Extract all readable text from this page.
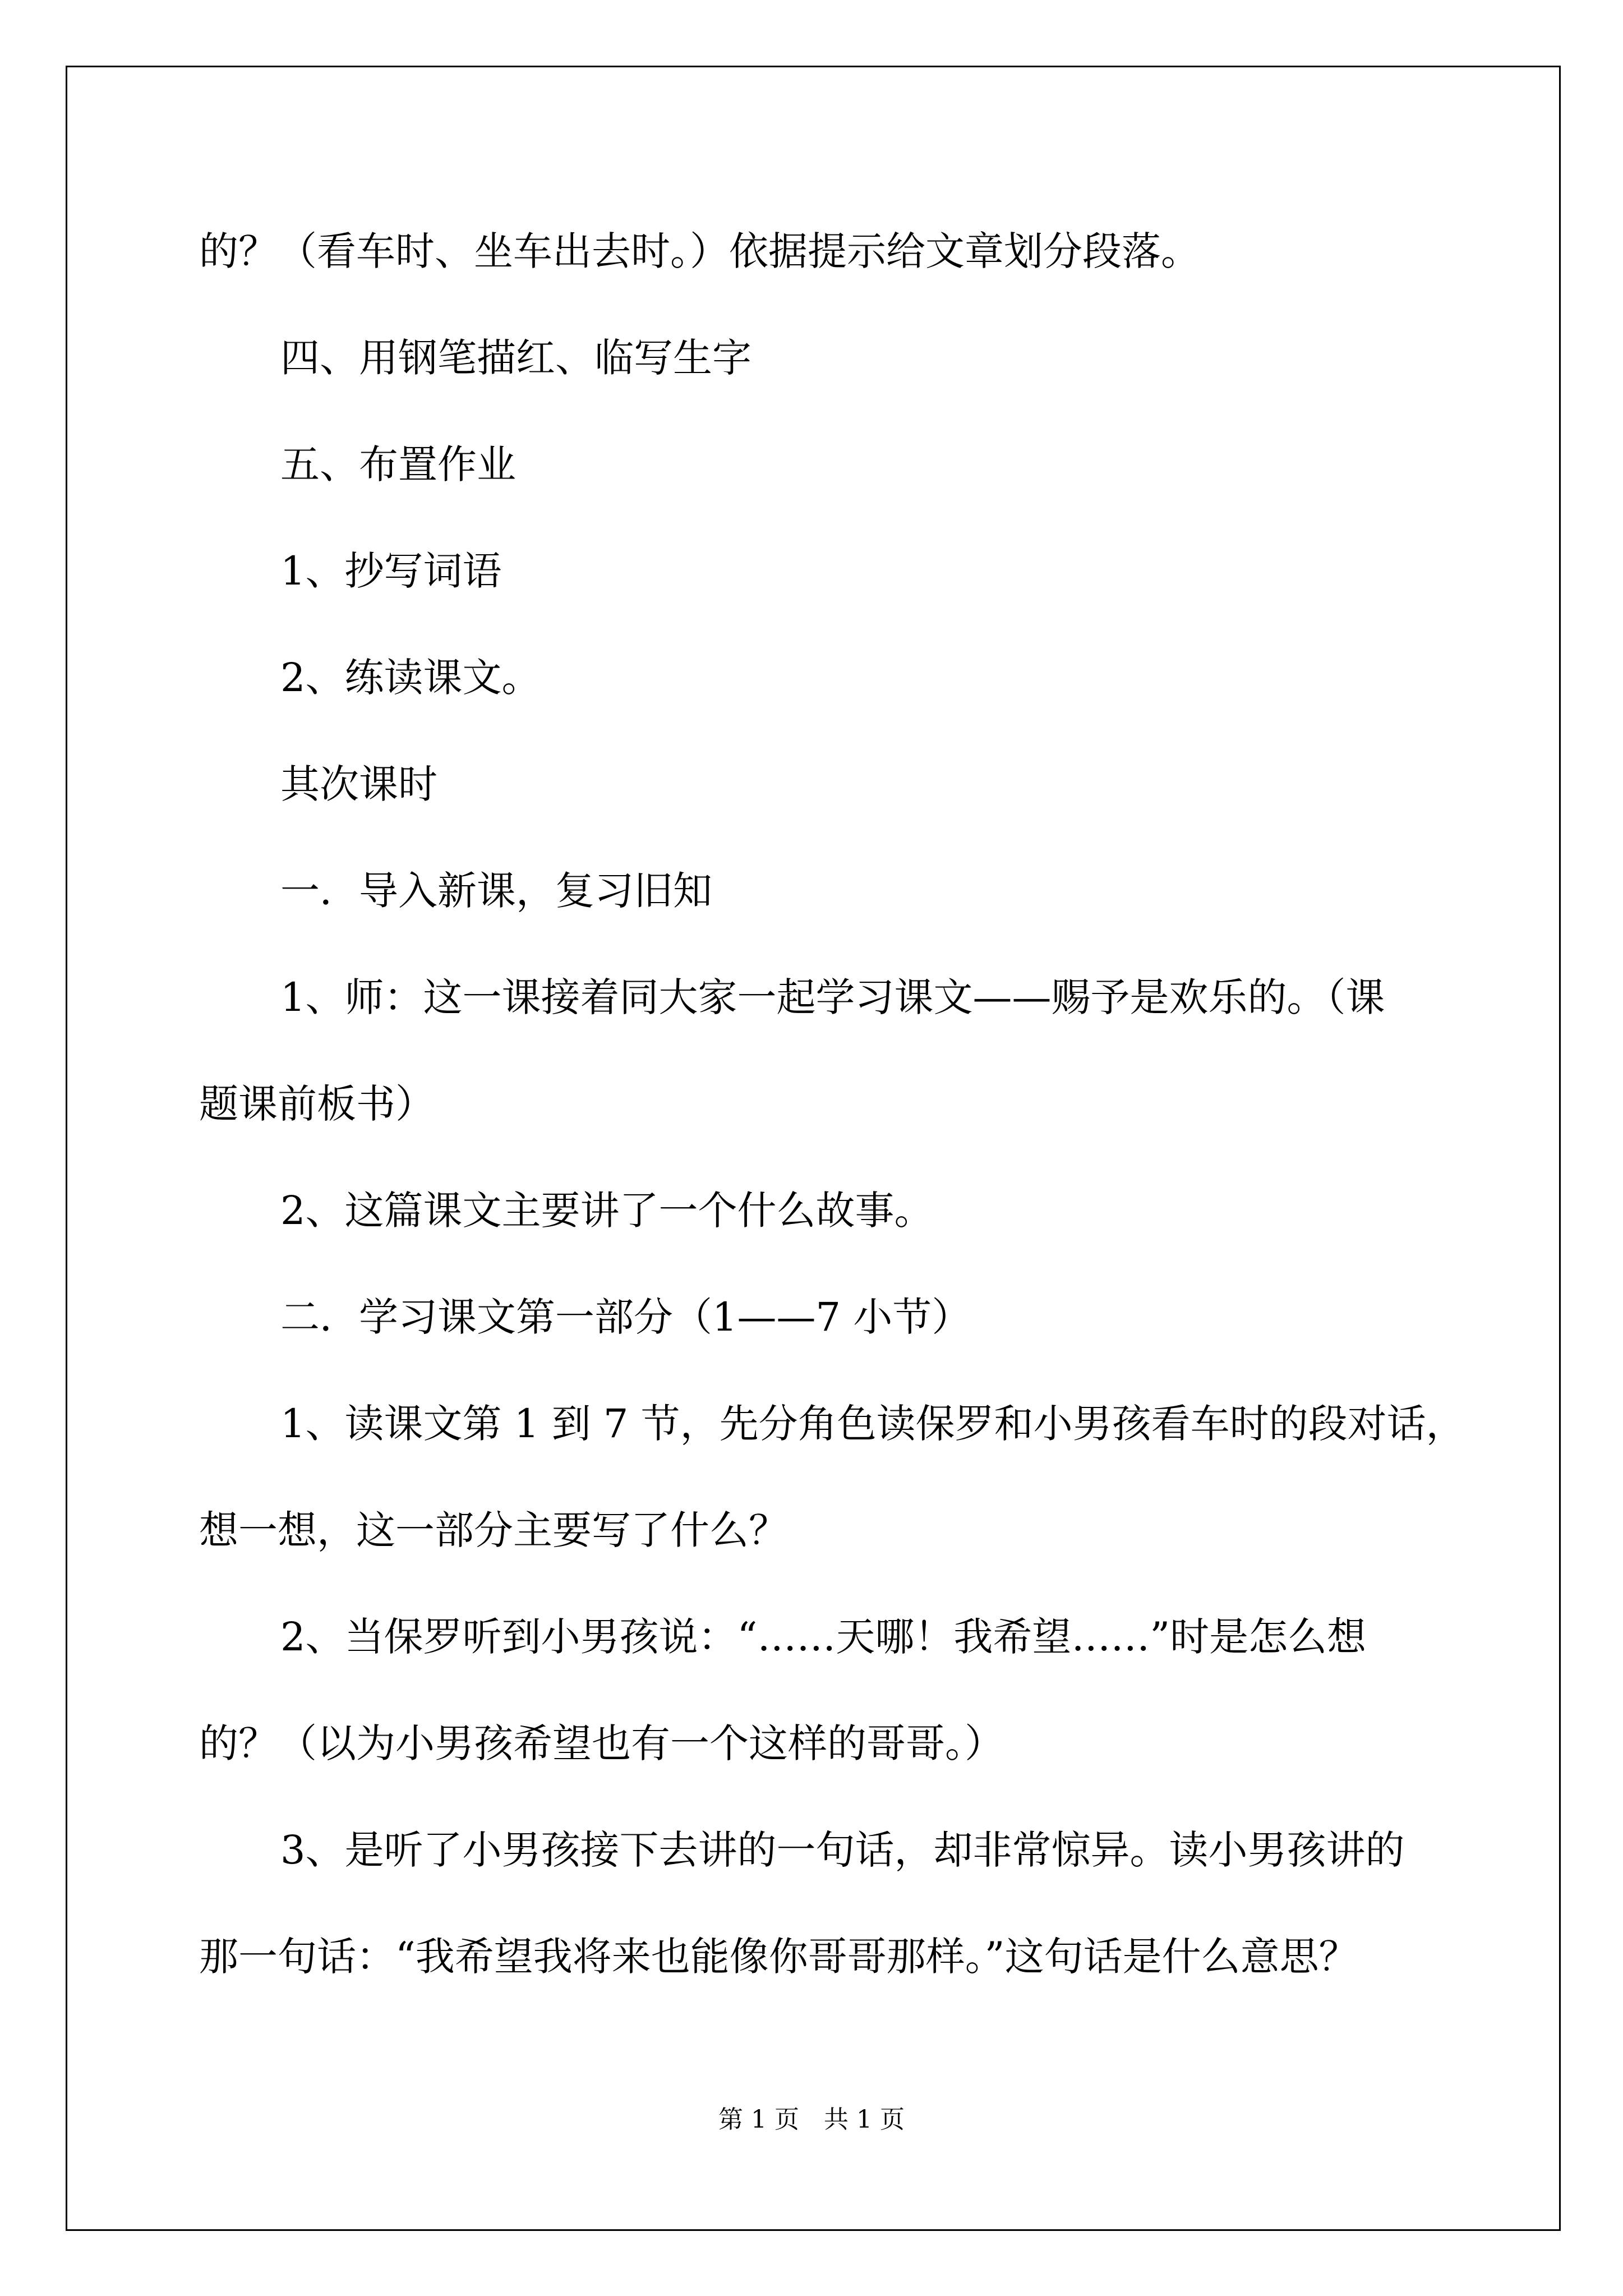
的？（看车时、坐车出去时。）依据提示给文章划分段落。
四、用钢笔描红、临写生字
五、布置作业
1、抄写词语
2、练读课文。
其次课时
一．导入新课，复习旧知
1、师：这一课接着同大家一起学习课文——赐予是欢乐的。（课
题课前板书）
2、这篇课文主要讲了一个什么故事。
二．学习课文第一部分（1——7 小节）
1、读课文第 1 到 7 节，先分角色读保罗和小男孩看车时的段对话，
想一想，这一部分主要写了什么？
2、当保罗听到小男孩说：“……天哪！我希望……”时是怎么想
的？（以为小男孩希望也有一个这样的哥哥。）
3、是听了小男孩接下去讲的一句话，却非常惊异。读小男孩讲的
那一句话：“我希望我将来也能像你哥哥那样。”这句话是什么意思？
第 1 页　共 1 页
